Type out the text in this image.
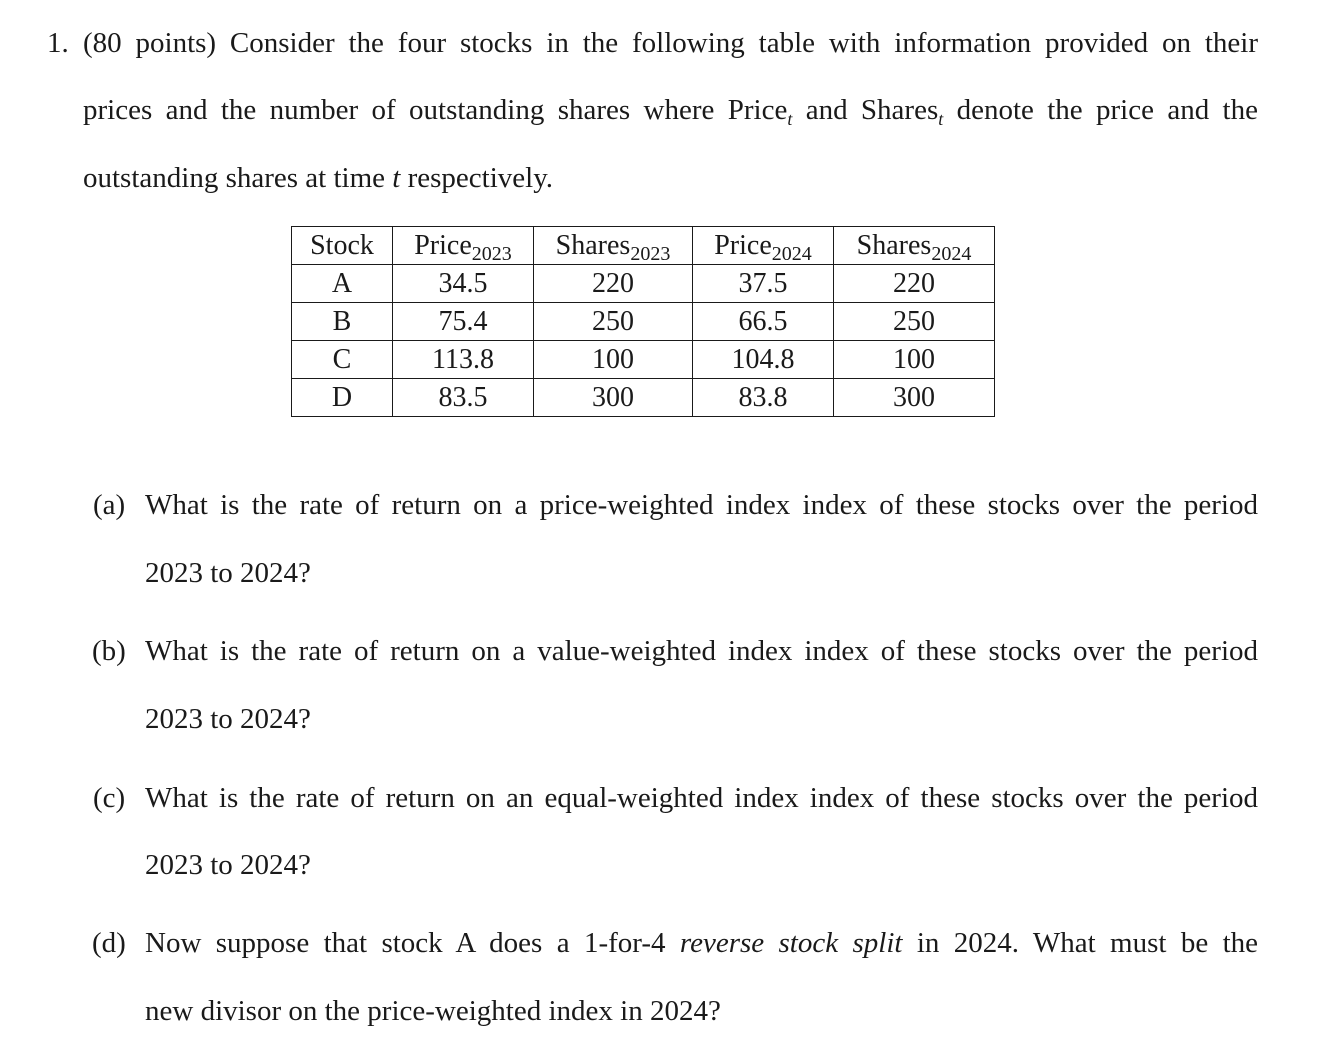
1. (80 points) Consider the four stocks in the following table with information provided on their
prices and the number of outstanding shares where Price$_t$ and Shares$_t$ denote the price and the
outstanding shares at time t respectively.
Stock	Price$_{2023}$	Shares$_{2023}$	Price$_{2024}$	Shares$_{2024}$
A	34.5	220	37.5	220
B	75.4	250	66.5	250
C	113.8	100	104.8	100
D	83.5	300	83.8	300
(a) What is the rate of return on a price-weighted index index of these stocks over the period
2023 to 2024?
(b) What is the rate of return on a value-weighted index index of these stocks over the period
2023 to 2024?
(c) What is the rate of return on an equal-weighted index index of these stocks over the period
2023 to 2024?
(d) Now suppose that stock A does a 1-for-4 reverse stock split in 2024. What must be the
new divisor on the price-weighted index in 2024?
